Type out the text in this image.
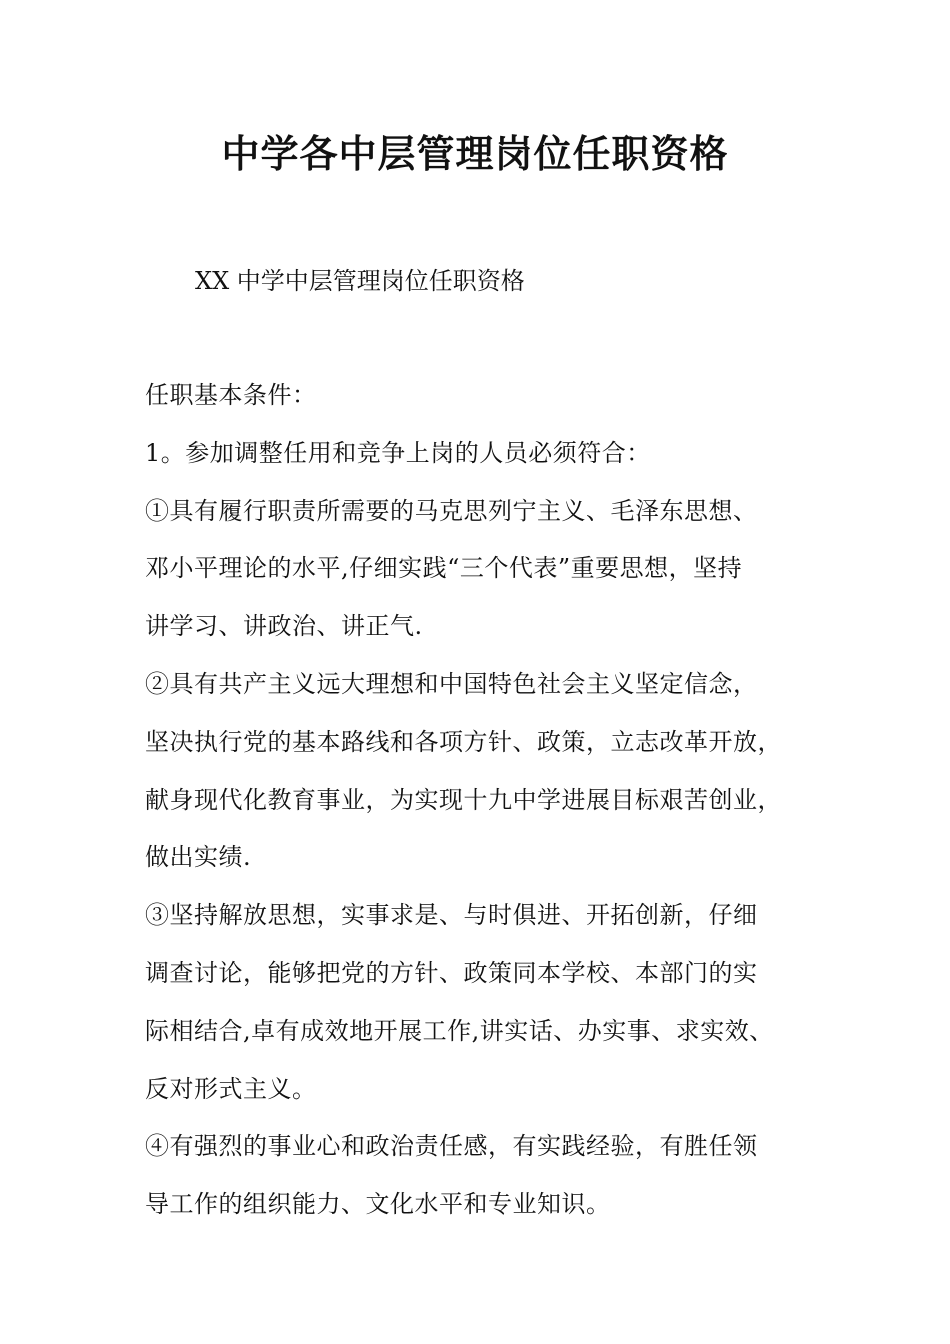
中学各中层管理岗位任职资格

XX 中学中层管理岗位任职资格

任职基本条件：
1。参加调整任用和竞争上岗的人员必须符合：
①具有履行职责所需要的马克思列宁主义、毛泽东思想、
邓小平理论的水平,仔细实践“三个代表”重要思想，坚持
讲学习、讲政治、讲正气.
②具有共产主义远大理想和中国特色社会主义坚定信念，
坚决执行党的基本路线和各项方针、政策，立志改革开放，
献身现代化教育事业，为实现十九中学进展目标艰苦创业，
做出实绩.
③坚持解放思想，实事求是、与时俱进、开拓创新，仔细
调查讨论，能够把党的方针、政策同本学校、本部门的实
际相结合,卓有成效地开展工作,讲实话、办实事、求实效、
反对形式主义。
④有强烈的事业心和政治责任感，有实践经验，有胜任领
导工作的组织能力、文化水平和专业知识。
